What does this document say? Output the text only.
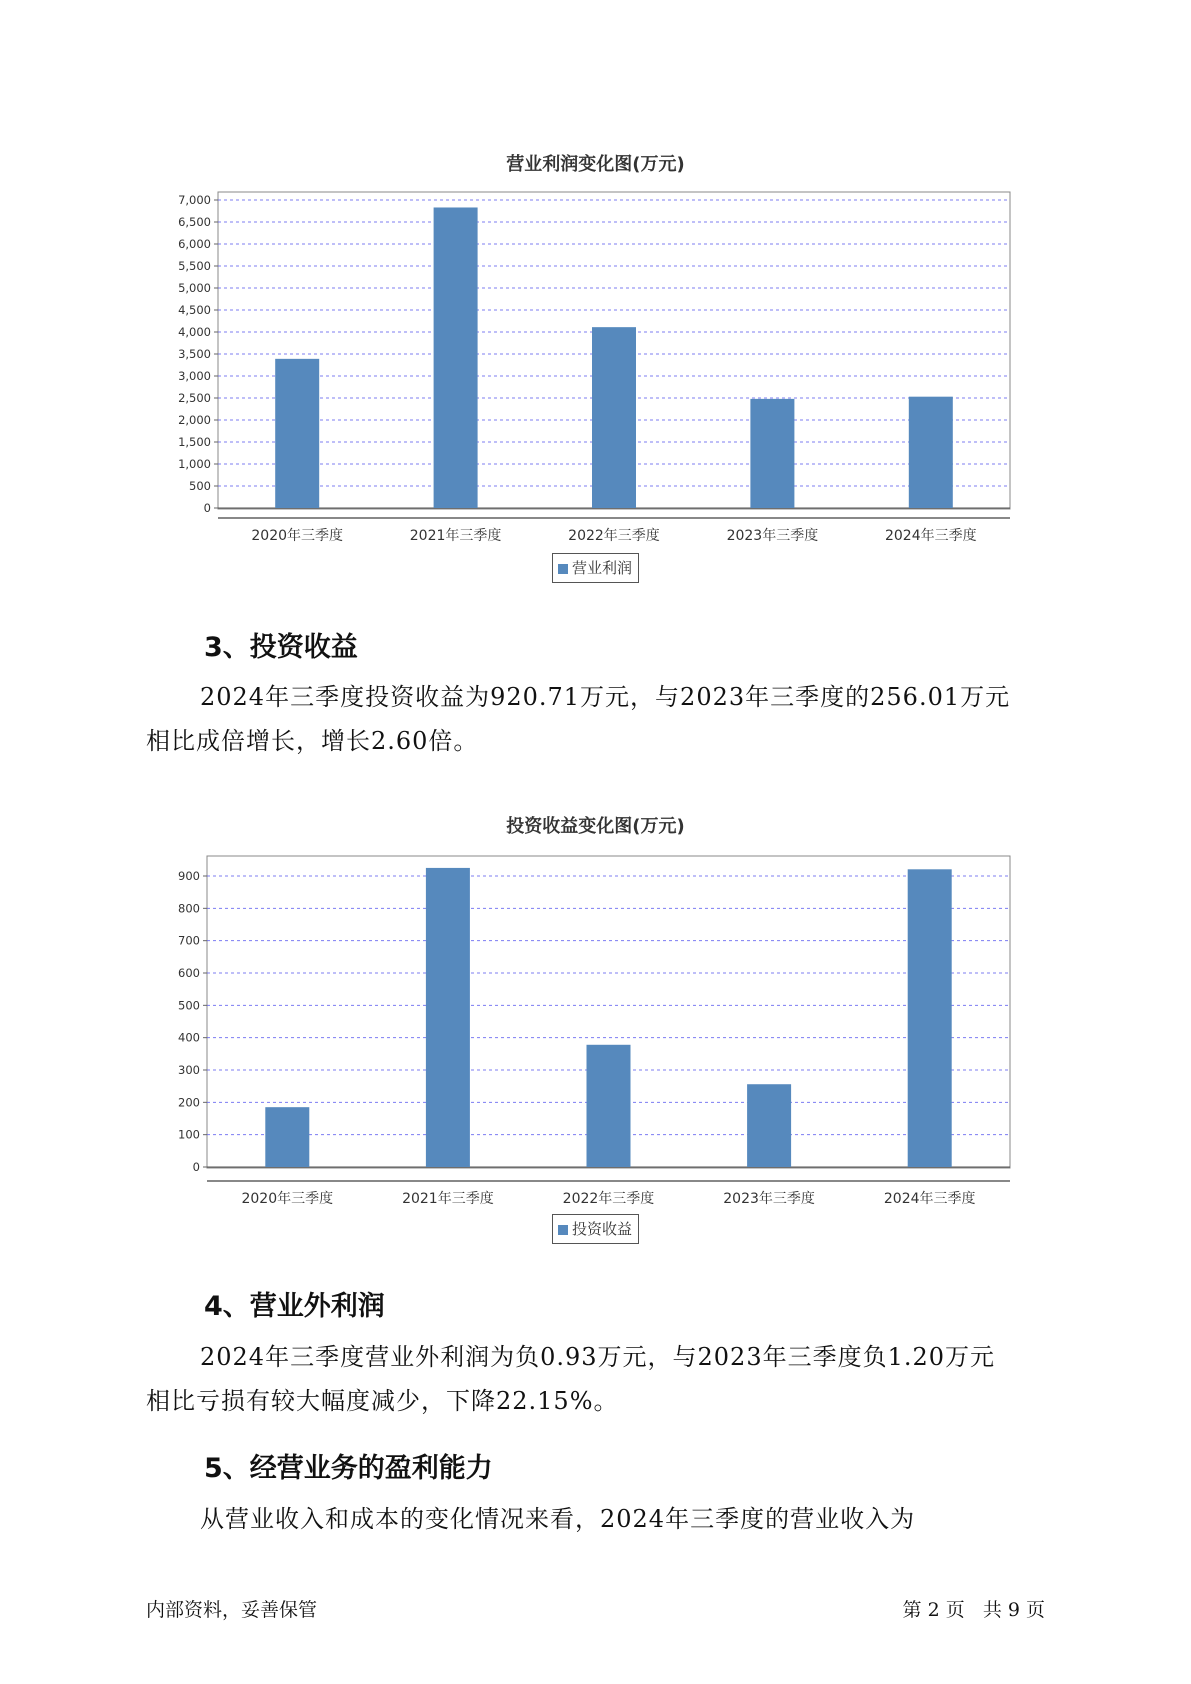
营业利润变化图(万元)
0
500
1,000
1,500
2,000
2,500
3,000
3,500
4,000
4,500
5,000
5,500
6,000
6,500
7,000
2020年三季度	2021年三季度	2022年三季度	2023年三季度	2024年三季度
营业利润
3、投资收益
2024年三季度投资收益为920.71万元，与2023年三季度的256.01万元
相比成倍增长，增长2.60倍。
投资收益变化图(万元)
0
100
200
300
400
500
600
700
800
900
2020年三季度	2021年三季度	2022年三季度	2023年三季度	2024年三季度
投资收益
4、营业外利润
2024年三季度营业外利润为负0.93万元，与2023年三季度负1.20万元
相比亏损有较大幅度减少，下降22.15%。
5、经营业务的盈利能力
从营业收入和成本的变化情况来看，2024年三季度的营业收入为
内部资料，妥善保管	第 2 页   共 9 页
